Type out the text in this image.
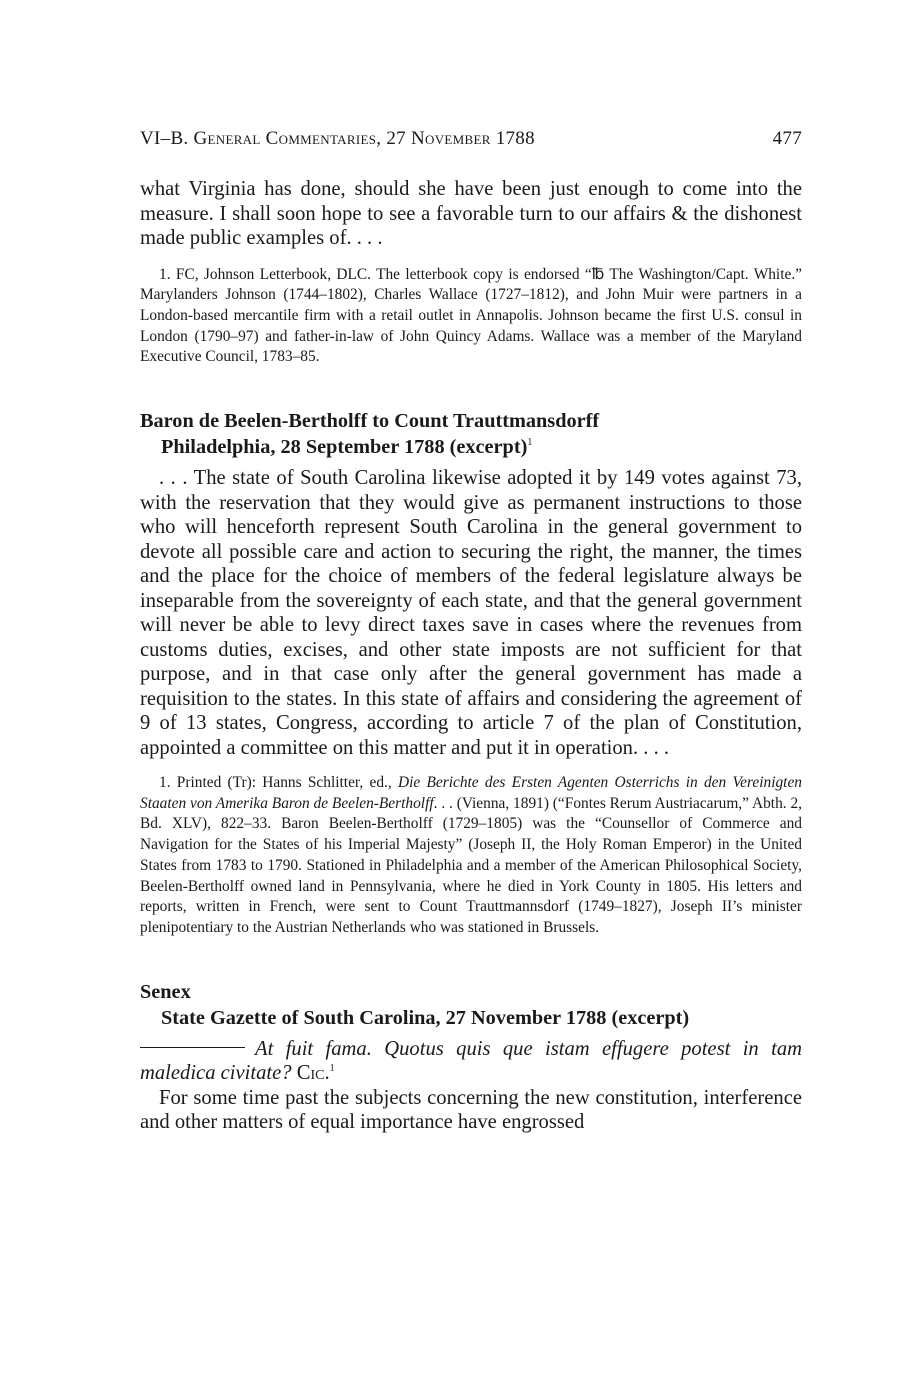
VI–B. General Commentaries, 27 November 1788	477

what Virginia has done, should she have been just enough to come into the measure. I shall soon hope to see a favorable turn to our affairs & the dishonest made public examples of. . . .

1. FC, Johnson Letterbook, DLC. The letterbook copy is endorsed “℔ The Washington/Capt. White.” Marylanders Johnson (1744–1802), Charles Wallace (1727–1812), and John Muir were partners in a London-based mercantile firm with a retail outlet in Annapolis. Johnson became the first U.S. consul in London (1790–97) and father-in-law of John Quincy Adams. Wallace was a member of the Maryland Executive Council, 1783–85.

Baron de Beelen-Bertholff to Count Trauttmansdorff

Philadelphia, 28 September 1788 (excerpt)$^1$

. . . The state of South Carolina likewise adopted it by 149 votes against 73, with the reservation that they would give as permanent instructions to those who will henceforth represent South Carolina in the general government to devote all possible care and action to securing the right, the manner, the times and the place for the choice of members of the federal legislature always be inseparable from the sovereignty of each state, and that the general government will never be able to levy direct taxes save in cases where the revenues from customs duties, excises, and other state imposts are not sufficient for that purpose, and in that case only after the general government has made a requisition to the states. In this state of affairs and considering the agreement of 9 of 13 states, Congress, according to article 7 of the plan of Constitution, appointed a committee on this matter and put it in operation. . . .

1. Printed (Tr): Hanns Schlitter, ed., Die Berichte des Ersten Agenten Osterrichs in den Vereinigten Staaten von Amerika Baron de Beelen-Bertholff. . . (Vienna, 1891) (“Fontes Rerum Austriacarum,” Abth. 2, Bd. XLV), 822–33. Baron Beelen-Bertholff (1729–1805) was the “Counsellor of Commerce and Navigation for the States of his Imperial Majesty” (Joseph II, the Holy Roman Emperor) in the United States from 1783 to 1790. Stationed in Philadelphia and a member of the American Philosophical Society, Beelen-Bertholff owned land in Pennsylvania, where he died in York County in 1805. His letters and reports, written in French, were sent to Count Trauttmannsdorf (1749–1827), Joseph II’s minister plenipotentiary to the Austrian Netherlands who was stationed in Brussels.

Senex

State Gazette of South Carolina, 27 November 1788 (excerpt)

At fuit fama. Quotus quis que istam effugere potest in tam maledica civitate? Cic.$^1$

For some time past the subjects concerning the new constitution, interference and other matters of equal importance have engrossed
